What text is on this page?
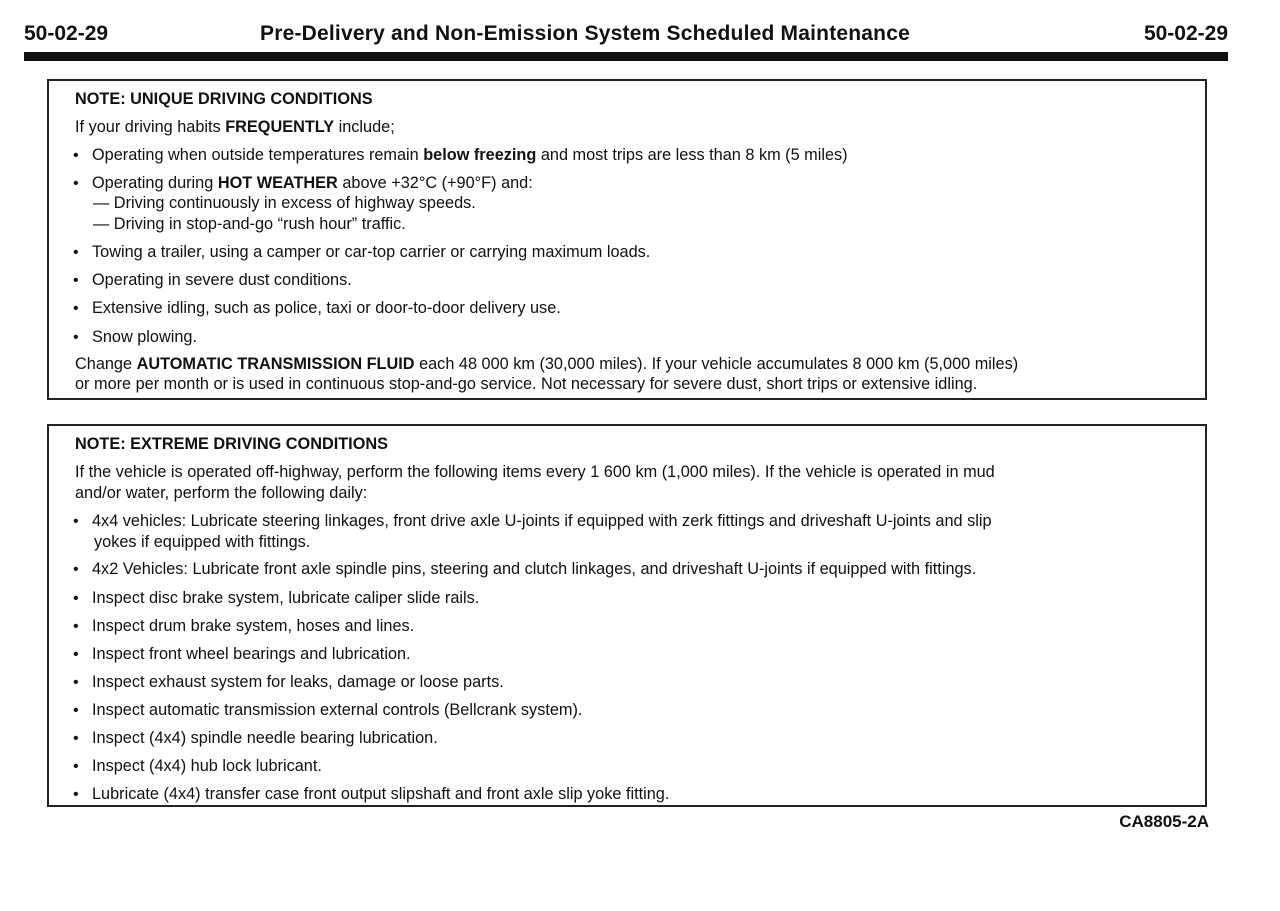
50-02-29	Pre-Delivery and Non-Emission System Scheduled Maintenance	50-02-29
NOTE: UNIQUE DRIVING CONDITIONS
If your driving habits FREQUENTLY include;
• Operating when outside temperatures remain below freezing and most trips are less than 8 km (5 miles)
• Operating during HOT WEATHER above +32°C (+90°F) and:
— Driving continuously in excess of highway speeds.
— Driving in stop-and-go “rush hour” traffic.
• Towing a trailer, using a camper or car-top carrier or carrying maximum loads.
• Operating in severe dust conditions.
• Extensive idling, such as police, taxi or door-to-door delivery use.
• Snow plowing.
Change AUTOMATIC TRANSMISSION FLUID each 48 000 km (30,000 miles). If your vehicle accumulates 8 000 km (5,000 miles)
or more per month or is used in continuous stop-and-go service. Not necessary for severe dust, short trips or extensive idling.
NOTE: EXTREME DRIVING CONDITIONS
If the vehicle is operated off-highway, perform the following items every 1 600 km (1,000 miles). If the vehicle is operated in mud
and/or water, perform the following daily:
• 4x4 vehicles: Lubricate steering linkages, front drive axle U-joints if equipped with zerk fittings and driveshaft U-joints and slip
yokes if equipped with fittings.
• 4x2 Vehicles: Lubricate front axle spindle pins, steering and clutch linkages, and driveshaft U-joints if equipped with fittings.
• Inspect disc brake system, lubricate caliper slide rails.
• Inspect drum brake system, hoses and lines.
• Inspect front wheel bearings and lubrication.
• Inspect exhaust system for leaks, damage or loose parts.
• Inspect automatic transmission external controls (Bellcrank system).
• Inspect (4x4) spindle needle bearing lubrication.
• Inspect (4x4) hub lock lubricant.
• Lubricate (4x4) transfer case front output slipshaft and front axle slip yoke fitting.
CA8805-2A
